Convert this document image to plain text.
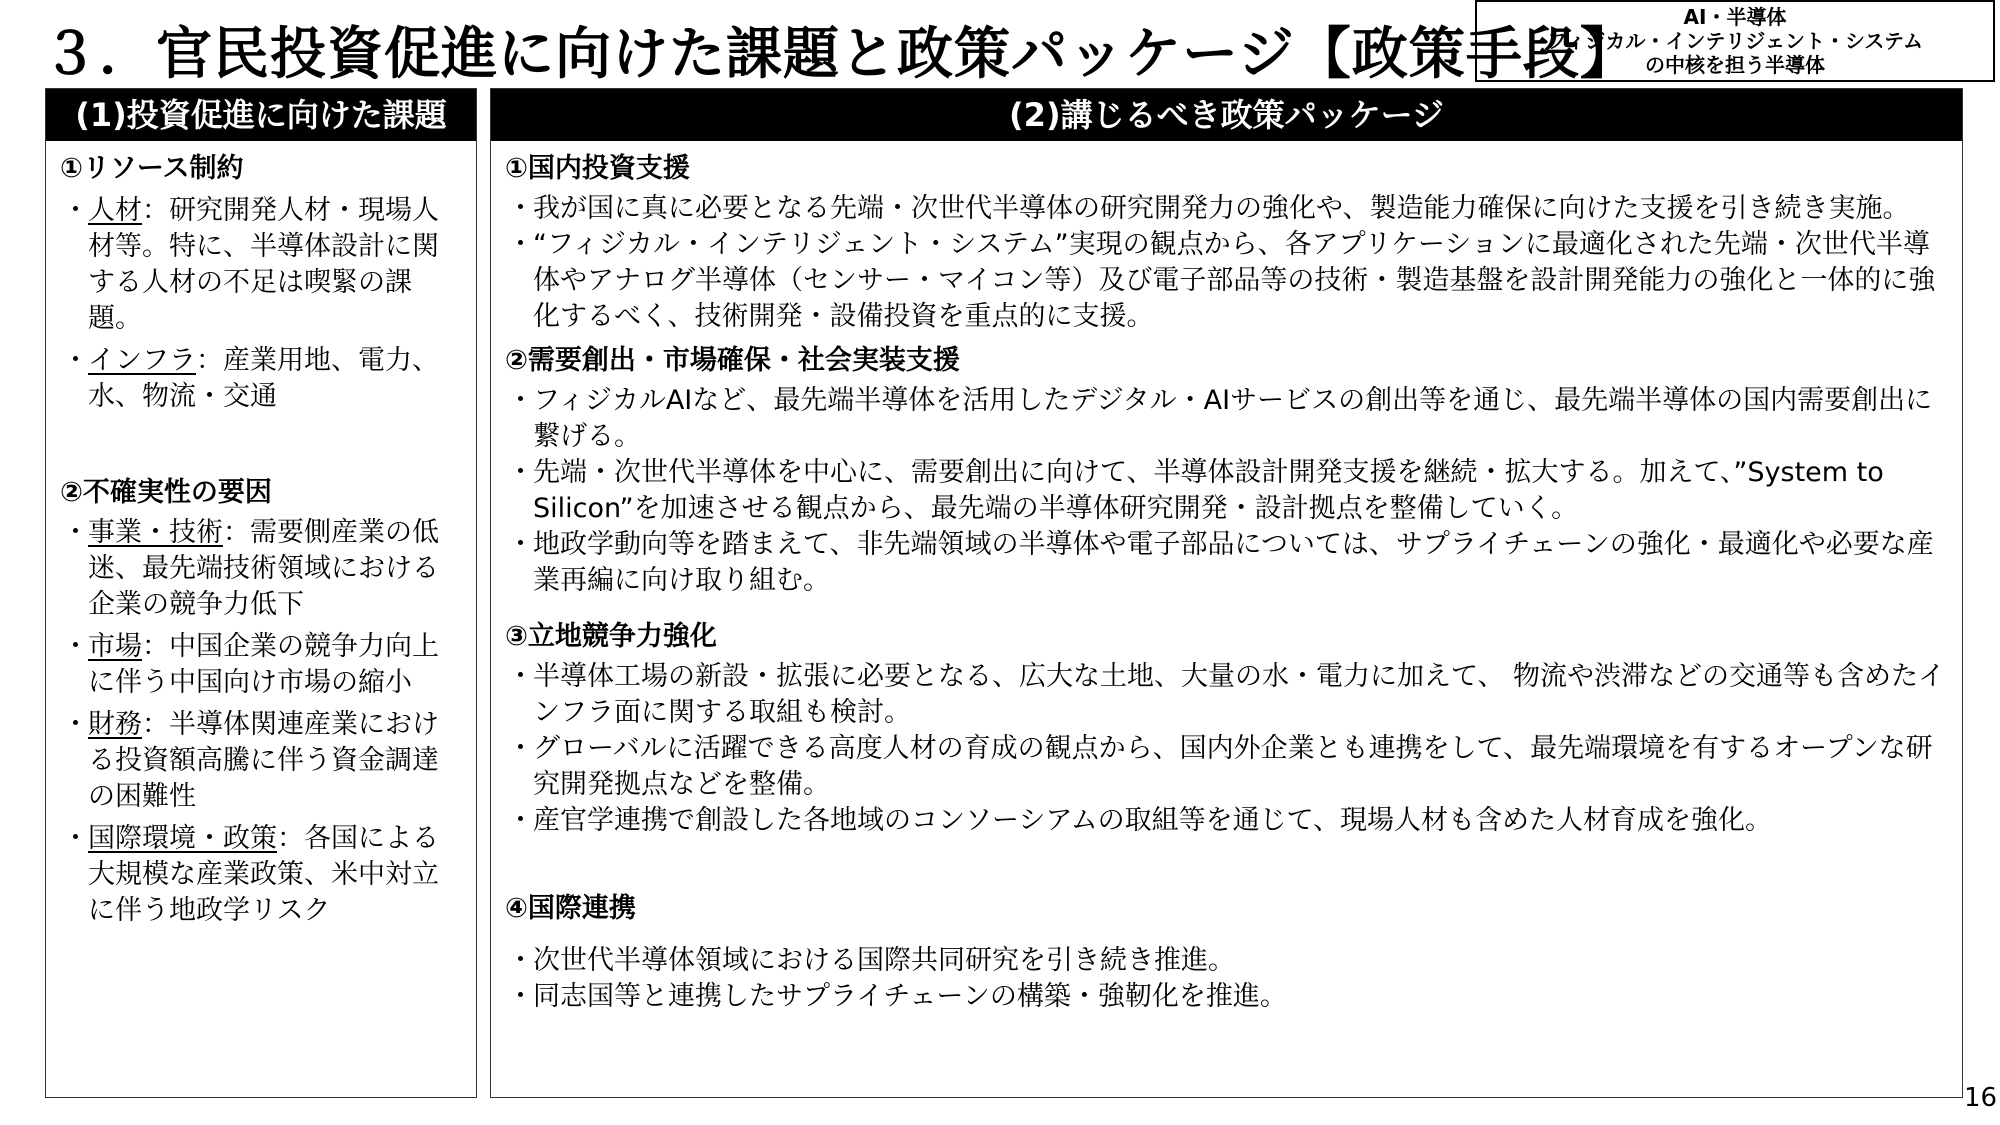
３．官民投資促進に向けた課題と政策パッケージ【政策手段】
AI・半導体
フィジカル・インテリジェント・システム
の中核を担う半導体
(1)投資促進に向けた課題
①リソース制約
・ 人材：研究開発人材・現場人材等。特に、半導体設計に関する人材の不足は喫緊の課題。
・ インフラ：産業用地、電力、水、物流・交通
②不確実性の要因
・ 事業・技術：需要側産業の低迷、最先端技術領域における企業の競争力低下
・ 市場：中国企業の競争力向上に伴う中国向け市場の縮小
・ 財務：半導体関連産業における投資額高騰に伴う資金調達の困難性
・ 国際環境・政策：各国による大規模な産業政策、米中対立に伴う地政学リスク
(2)講じるべき政策パッケージ
①国内投資支援
・ 我が国に真に必要となる先端・次世代半導体の研究開発力の強化や、製造能力確保に向けた支援を引き続き実施。
・ “フィジカル・インテリジェント・システム”実現の観点から、各アプリケーションに最適化された先端・次世代半導体やアナログ半導体（センサー・マイコン等）及び電子部品等の技術・製造基盤を設計開発能力の強化と一体的に強化するべく、技術開発・設備投資を重点的に支援。
②需要創出・市場確保・社会実装支援
・ フィジカルAIなど、最先端半導体を活用したデジタル・AIサービスの創出等を通じ、最先端半導体の国内需要創出に繋げる。
・ 先端・次世代半導体を中心に、需要創出に向けて、半導体設計開発支援を継続・拡大する。加えて、”System to Silicon”を加速させる観点から、最先端の半導体研究開発・設計拠点を整備していく。
・ 地政学動向等を踏まえて、非先端領域の半導体や電子部品については、サプライチェーンの強化・最適化や必要な産業再編に向け取り組む。
③立地競争力強化
・ 半導体工場の新設・拡張に必要となる、広大な土地、大量の水・電力に加えて、 物流や渋滞などの交通等も含めたインフラ面に関する取組も検討。
・ グローバルに活躍できる高度人材の育成の観点から、国内外企業とも連携をして、最先端環境を有するオープンな研究開発拠点などを整備。
・ 産官学連携で創設した各地域のコンソーシアムの取組等を通じて、現場人材も含めた人材育成を強化。
④国際連携
・ 次世代半導体領域における国際共同研究を引き続き推進。
・ 同志国等と連携したサプライチェーンの構築・強靭化を推進。
16
